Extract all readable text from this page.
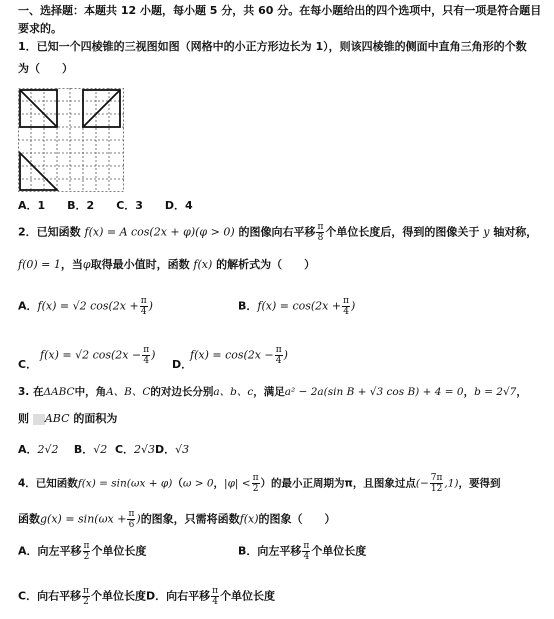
一、选择题：本题共 12 小题，每小题 5 分，共 60 分。在每小题给出的四个选项中，只有一项是符合题目
要求的。
1．已知一个四棱锥的三视图如图（网格中的小正方形边长为 1），则该四棱锥的侧面中直角三角形的个数
为（　　）
A．1　　B．2　　C．3　　D．4
2．已知函数 f(x) = A cos(2x + φ)(φ > 0) 的图像向右平移 $\frac{\pi}{8}$ 个单位长度后，得到的图像关于 y 轴对称，
f(0) = 1，当φ取得最小值时，函数 f(x) 的解析式为（　　）
A．f(x) = √2 $\cos(2x + \frac{\pi}{4}$ )	B．$f(x) = \cos(2x + \frac{\pi}{4}$ )
f(x) = √2 $\cos(2x - \frac{\pi}{4}$ )
C．
$f(x) = \cos(2x - \frac{\pi}{4}$ )
D．
3. 在ΔABC中，角A、B、C的对边长分别a、b、c，满足a² − 2a(sin B + √3 cos B) + 4 = 0，b = 2√7，
则 ABC 的面积为
A．2√2 B．√2 C．2√3D．√3
4．已知函数f(x) = sin(ωx + φ)（ω > 0，$|\varphi| < \frac{\pi}{2}$ ）的最小正周期为π，且图象过点(− $\frac{7\pi}{12} ,1$)，要得到
函数$g(x) = \sin(\omega x + \frac{\pi}{6}$ )的图象，只需将函数f(x)的图象（　　）
A．向左平移 $\frac{\pi}{2}$ 个单位长度	B．向左平移 $\frac{\pi}{4}$ 个单位长度
C．向右平移 $\frac{\pi}{2}$ 个单位长度D．向右平移 $\frac{\pi}{4}$ 个单位长度
